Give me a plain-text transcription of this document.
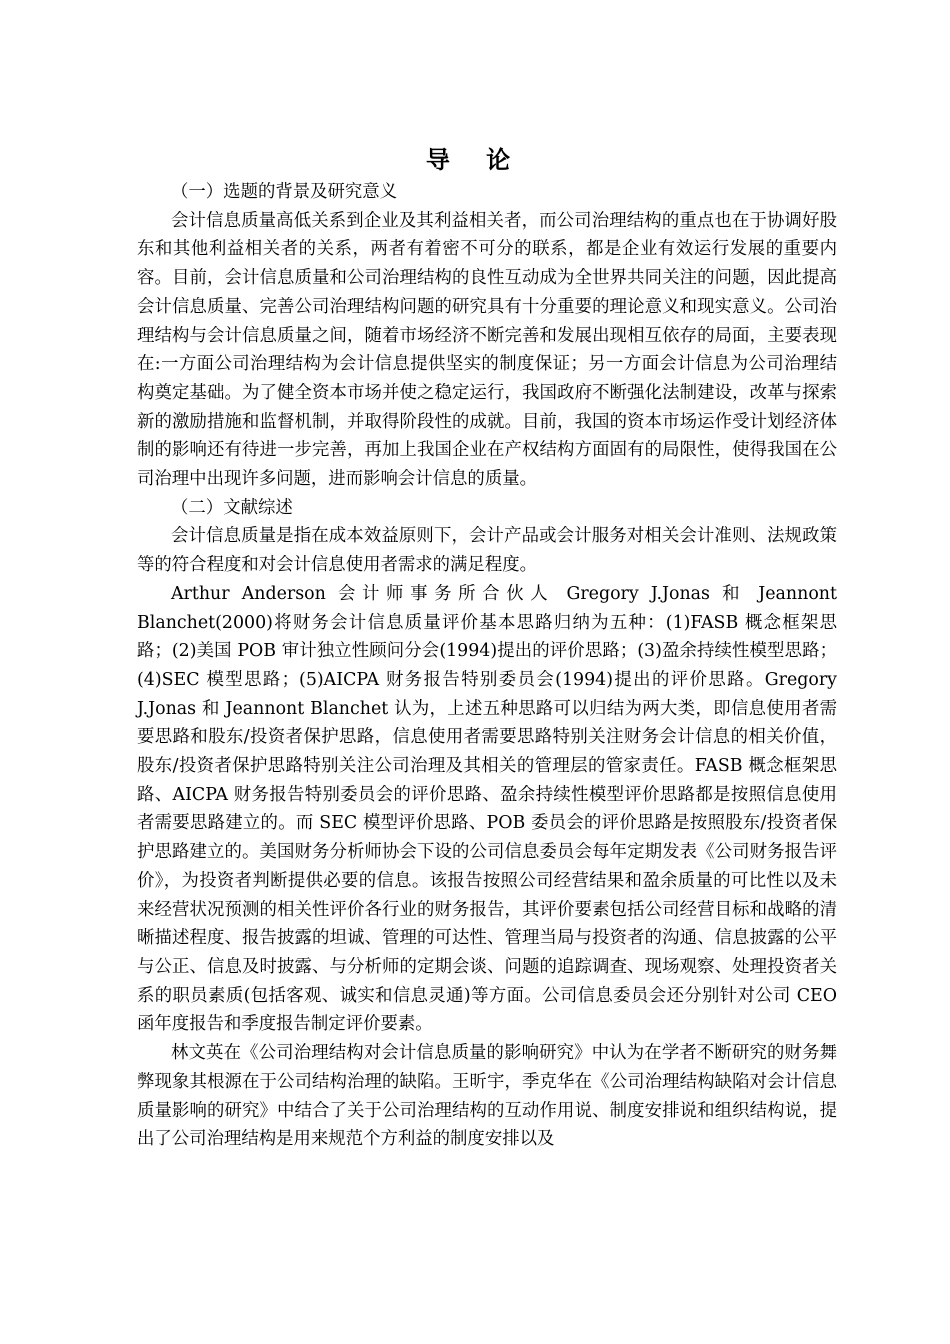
导 论

（一）选题的背景及研究意义

会计信息质量高低关系到企业及其利益相关者，而公司治理结构的重点也在于协调好股东和其他利益相关者的关系，两者有着密不可分的联系，都是企业有效运行发展的重要内容。目前，会计信息质量和公司治理结构的良性互动成为全世界共同关注的问题，因此提高会计信息质量、完善公司治理结构问题的研究具有十分重要的理论意义和现实意义。公司治理结构与会计信息质量之间，随着市场经济不断完善和发展出现相互依存的局面，主要表现在:一方面公司治理结构为会计信息提供坚实的制度保证；另一方面会计信息为公司治理结构奠定基础。为了健全资本市场并使之稳定运行，我国政府不断强化法制建设，改革与探索新的激励措施和监督机制，并取得阶段性的成就。目前，我国的资本市场运作受计划经济体制的影响还有待进一步完善，再加上我国企业在产权结构方面固有的局限性，使得我国在公司治理中出现许多问题，进而影响会计信息的质量。

（二）文献综述

会计信息质量是指在成本效益原则下，会计产品或会计服务对相关会计准则、法规政策等的符合程度和对会计信息使用者需求的满足程度。

Arthur Anderson 会计师事务所合伙人 Gregory J.Jonas 和 Jeannont Blanchet(2000)将财务会计信息质量评价基本思路归纳为五种：(1)FASB 概念框架思路；(2)美国 POB 审计独立性顾问分会(1994)提出的评价思路；(3)盈余持续性模型思路；(4)SEC 模型思路；(5)AICPA 财务报告特别委员会(1994)提出的评价思路。Gregory J.Jonas 和 Jeannont Blanchet 认为，上述五种思路可以归结为两大类，即信息使用者需要思路和股东/投资者保护思路，信息使用者需要思路特别关注财务会计信息的相关价值，股东/投资者保护思路特别关注公司治理及其相关的管理层的管家责任。FASB 概念框架思路、AICPA 财务报告特别委员会的评价思路、盈余持续性模型评价思路都是按照信息使用者需要思路建立的。而 SEC 模型评价思路、POB 委员会的评价思路是按照股东/投资者保护思路建立的。美国财务分析师协会下设的公司信息委员会每年定期发表《公司财务报告评价》，为投资者判断提供必要的信息。该报告按照公司经营结果和盈余质量的可比性以及未来经营状况预测的相关性评价各行业的财务报告，其评价要素包括公司经营目标和战略的清晰描述程度、报告披露的坦诚、管理的可达性、管理当局与投资者的沟通、信息披露的公平与公正、信息及时披露、与分析师的定期会谈、问题的追踪调查、现场观察、处理投资者关系的职员素质(包括客观、诚实和信息灵通)等方面。公司信息委员会还分别针对公司 CEO 函年度报告和季度报告制定评价要素。

林文英在《公司治理结构对会计信息质量的影响研究》中认为在学者不断研究的财务舞弊现象其根源在于公司结构治理的缺陷。王昕宇，季克华在《公司治理结构缺陷对会计信息质量影响的研究》中结合了关于公司治理结构的互动作用说、制度安排说和组织结构说，提出了公司治理结构是用来规范个方利益的制度安排以及
